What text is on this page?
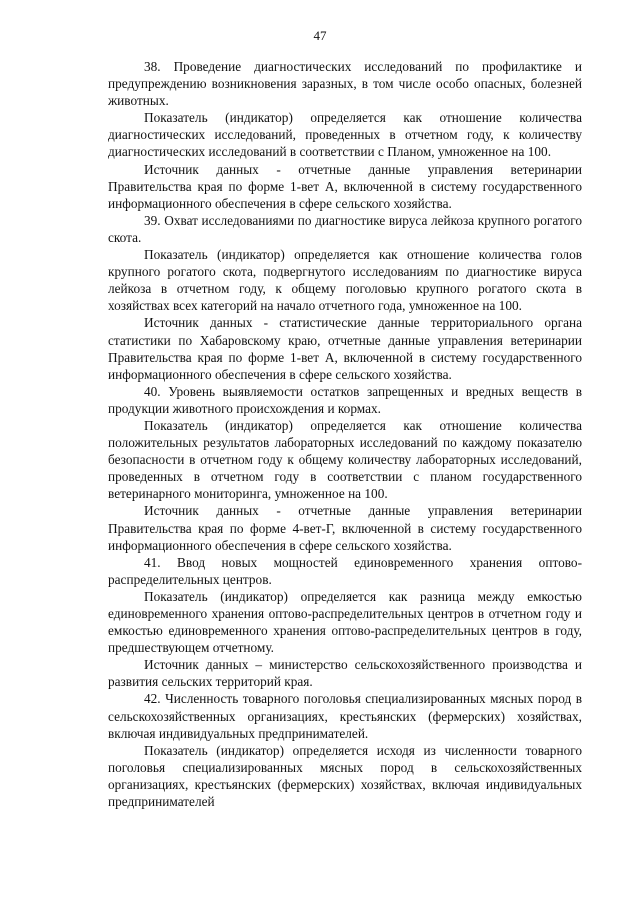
47

38. Проведение диагностических исследований по профилактике и предупреждению возникновения заразных, в том числе особо опасных, болезней животных.

Показатель (индикатор) определяется как отношение количества диагностических исследований, проведенных в отчетном году, к количеству диагностических исследований в соответствии с Планом, умноженное на 100.

Источник данных - отчетные данные управления ветеринарии Правительства края по форме 1-вет А, включенной в систему государственного информационного обеспечения в сфере сельского хозяйства.

39. Охват исследованиями по диагностике вируса лейкоза крупного рогатого скота.

Показатель (индикатор) определяется как отношение количества голов крупного рогатого скота, подвергнутого исследованиям по диагностике вируса лейкоза в отчетном году, к общему поголовью крупного рогатого скота в хозяйствах всех категорий на начало отчетного года, умноженное на 100.

Источник данных - статистические данные территориального органа статистики по Хабаровскому краю, отчетные данные управления ветеринарии Правительства края по форме 1-вет А, включенной в систему государственного информационного обеспечения в сфере сельского хозяйства.

40. Уровень выявляемости остатков запрещенных и вредных веществ в продукции животного происхождения и кормах.

Показатель (индикатор) определяется как отношение количества положительных результатов лабораторных исследований по каждому показателю безопасности в отчетном году к общему количеству лабораторных исследований, проведенных в отчетном году в соответствии с планом государственного ветеринарного мониторинга, умноженное на 100.

Источник данных - отчетные данные управления ветеринарии Правительства края по форме 4-вет-Г, включенной в систему государственного информационного обеспечения в сфере сельского хозяйства.

41. Ввод новых мощностей единовременного хранения оптово-распределительных центров.

Показатель (индикатор) определяется как разница между емкостью единовременного хранения оптово-распределительных центров в отчетном году и емкостью единовременного хранения оптово-распределительных центров в году, предшествующем отчетному.

Источник данных – министерство сельскохозяйственного производства и развития сельских территорий края.

42. Численность товарного поголовья специализированных мясных пород в сельскохозяйственных организациях, крестьянских (фермерских) хозяйствах, включая индивидуальных предпринимателей.

Показатель (индикатор) определяется исходя из численности товарного поголовья специализированных мясных пород в сельскохозяйственных организациях, крестьянских (фермерских) хозяйствах, включая индивидуальных предпринимателей
